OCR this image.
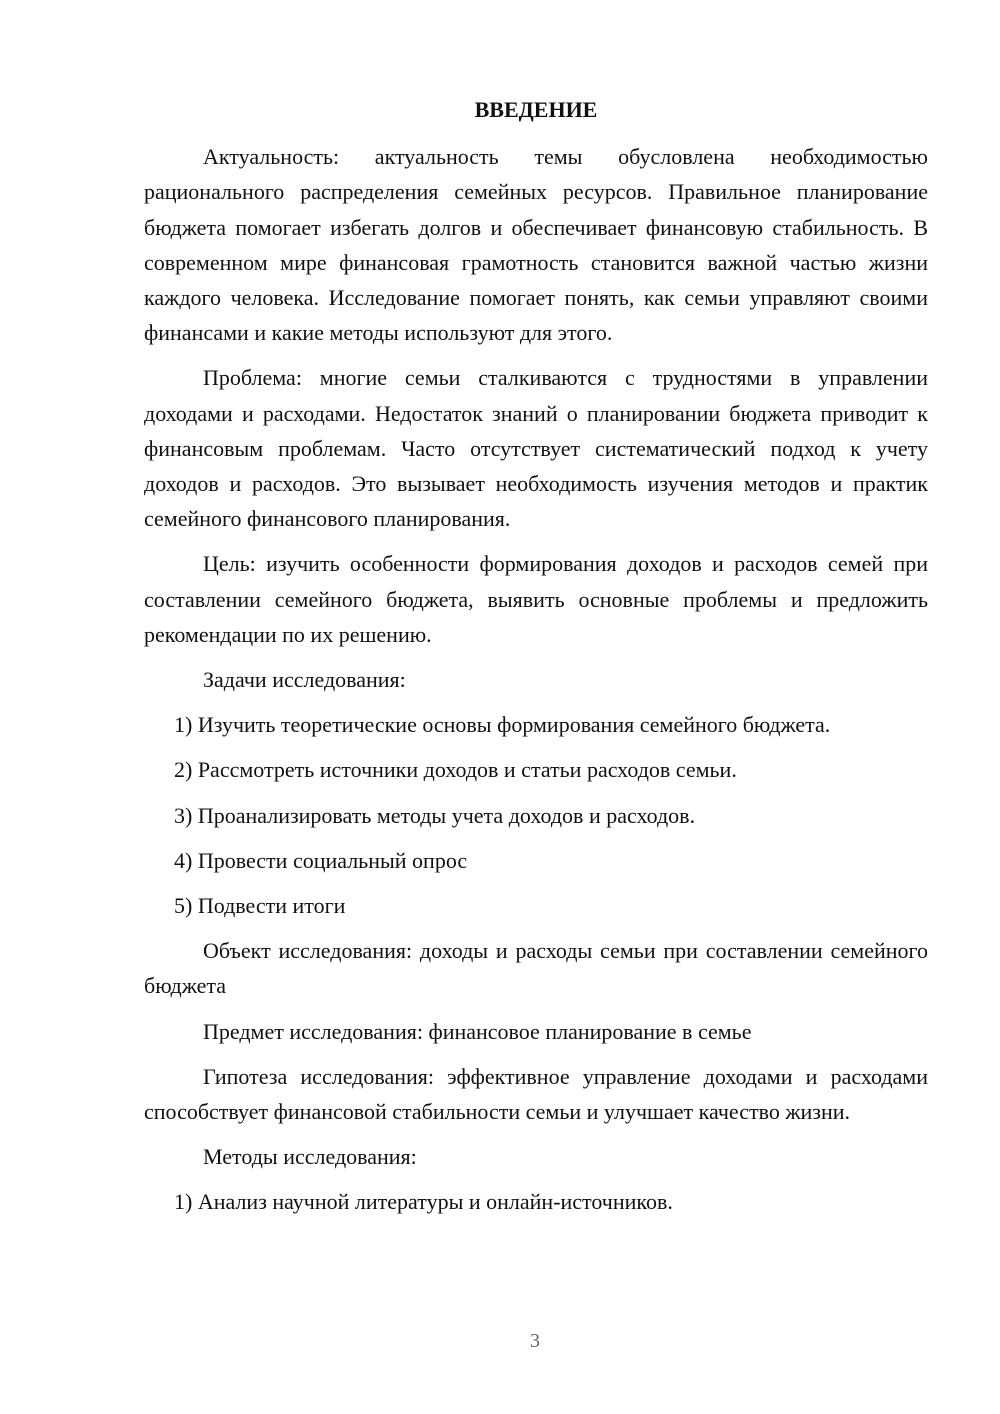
ВВЕДЕНИЕ

Актуальность: актуальность темы обусловлена необходимостью рационального распределения семейных ресурсов. Правильное планирование бюджета помогает избегать долгов и обеспечивает финансовую стабильность. В современном мире финансовая грамотность становится важной частью жизни каждого человека. Исследование помогает понять, как семьи управляют своими финансами и какие методы используют для этого.

Проблема: многие семьи сталкиваются с трудностями в управлении доходами и расходами. Недостаток знаний о планировании бюджета приводит к финансовым проблемам. Часто отсутствует систематический подход к учету доходов и расходов. Это вызывает необходимость изучения методов и практик семейного финансового планирования.

Цель: изучить особенности формирования доходов и расходов семей при составлении семейного бюджета, выявить основные проблемы и предложить рекомендации по их решению.

Задачи исследования:

1) Изучить теоретические основы формирования семейного бюджета.
2) Рассмотреть источники доходов и статьи расходов семьи.
3) Проанализировать методы учета доходов и расходов.
4) Провести социальный опрос
5) Подвести итоги

Объект исследования: доходы и расходы семьи при составлении семейного бюджета

Предмет исследования: финансовое планирование в семье

Гипотеза исследования: эффективное управление доходами и расходами способствует финансовой стабильности семьи и улучшает качество жизни.

Методы исследования:

1) Анализ научной литературы и онлайн-источников.
3
